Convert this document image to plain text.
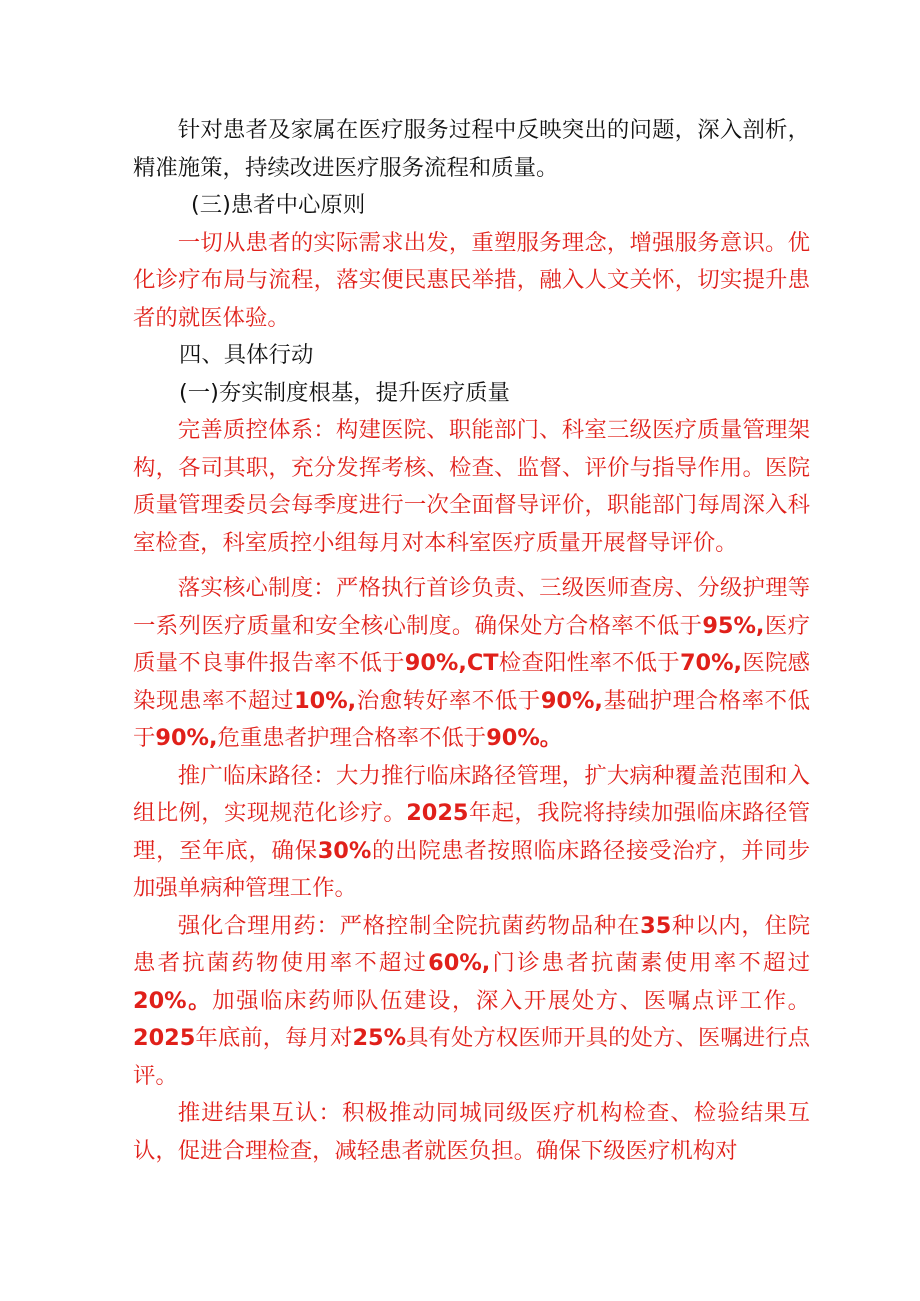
针对患者及家属在医疗服务过程中反映突出的问题，深入剖析，精准施策，持续改进医疗服务流程和质量。

(三)患者中心原则

一切从患者的实际需求出发，重塑服务理念，增强服务意识。优化诊疗布局与流程，落实便民惠民举措，融入人文关怀，切实提升患者的就医体验。

四、具体行动

(一)夯实制度根基，提升医疗质量

完善质控体系：构建医院、职能部门、科室三级医疗质量管理架构，各司其职，充分发挥考核、检查、监督、评价与指导作用。医院质量管理委员会每季度进行一次全面督导评价，职能部门每周深入科室检查，科室质控小组每月对本科室医疗质量开展督导评价。

落实核心制度：严格执行首诊负责、三级医师查房、分级护理等一系列医疗质量和安全核心制度。确保处方合格率不低于95%,医疗质量不良事件报告率不低于90%,CT检查阳性率不低于70%,医院感染现患率不超过10%,治愈转好率不低于90%,基础护理合格率不低于90%,危重患者护理合格率不低于90%。

推广临床路径：大力推行临床路径管理，扩大病种覆盖范围和入组比例，实现规范化诊疗。2025年起，我院将持续加强临床路径管理，至年底，确保30%的出院患者按照临床路径接受治疗，并同步加强单病种管理工作。

强化合理用药：严格控制全院抗菌药物品种在35种以内，住院患者抗菌药物使用率不超过60%,门诊患者抗菌素使用率不超过20%。加强临床药师队伍建设，深入开展处方、医嘱点评工作。2025年底前，每月对25%具有处方权医师开具的处方、医嘱进行点评。

推进结果互认：积极推动同城同级医疗机构检查、检验结果互认，促进合理检查，减轻患者就医负担。确保下级医疗机构对
